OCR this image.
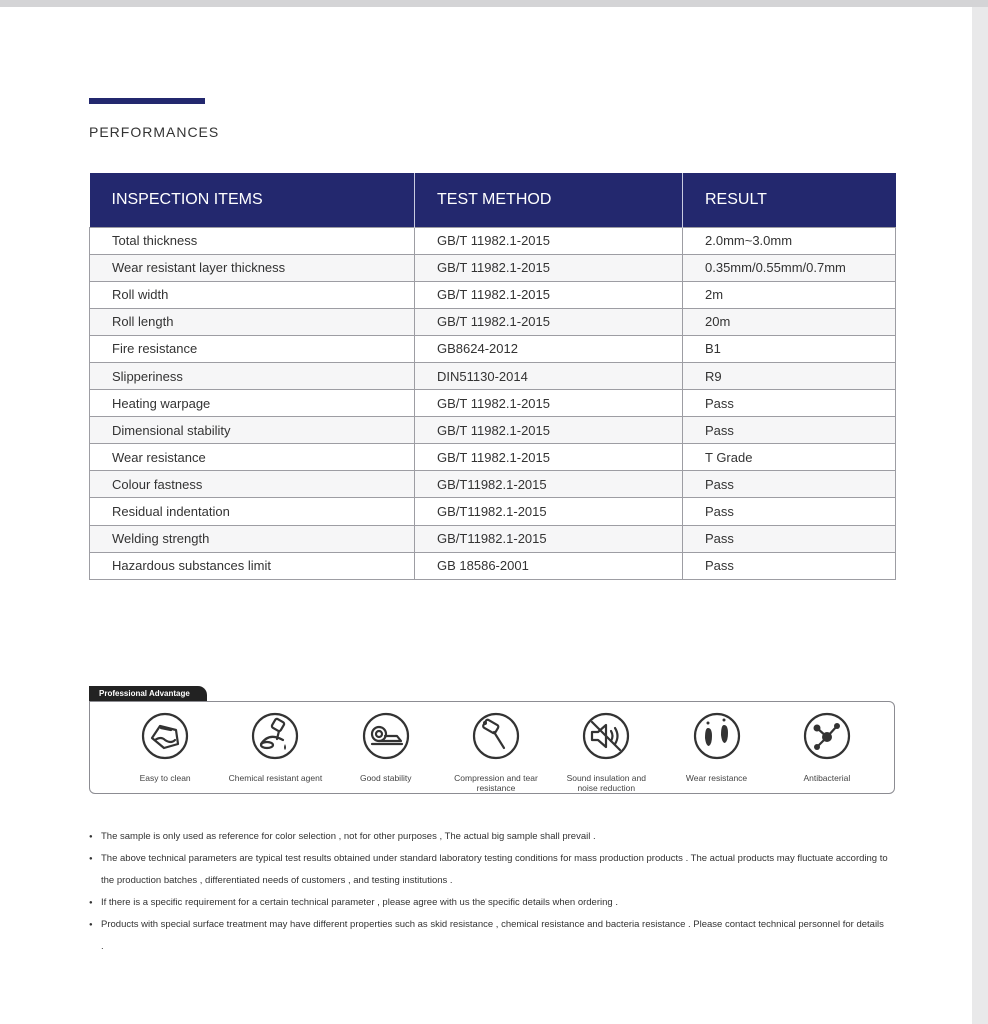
PERFORMANCES
INSPECTION ITEMS	TEST METHOD	RESULT
Total thickness	GB/T 11982.1-2015	2.0mm~3.0mm
Wear resistant layer thickness	GB/T 11982.1-2015	0.35mm/0.55mm/0.7mm
Roll width	GB/T 11982.1-2015	2m
Roll length	GB/T 11982.1-2015	20m
Fire resistance	GB8624-2012	B1
Slipperiness	DIN51130-2014	R9
Heating warpage	GB/T 11982.1-2015	Pass
Dimensional stability	GB/T 11982.1-2015	Pass
Wear resistance	GB/T 11982.1-2015	T Grade
Colour fastness	GB/T11982.1-2015	Pass
Residual indentation	GB/T11982.1-2015	Pass
Welding strength	GB/T11982.1-2015	Pass
Hazardous substances limit	GB 18586-2001	Pass
Professional Advantage
Easy to clean	Chemical resistant agent	Good stability	Compression and tear resistance
Sound insulation and noise reduction
Wear resistance	Antibacterial
● The sample is only used as reference for color selection , not for other purposes , The actual big sample shall prevail .
● The above technical parameters are typical test results obtained under standard laboratory testing conditions for mass production products . The actual products may fluctuate according to the production batches , differentiated needs of customers , and testing institutions .
● If there is a specific requirement for a certain technical parameter , please agree with us the specific details when ordering .
● Products with special surface treatment may have different properties such as skid resistance , chemical resistance and bacteria resistance . Please contact technical personnel for details .
